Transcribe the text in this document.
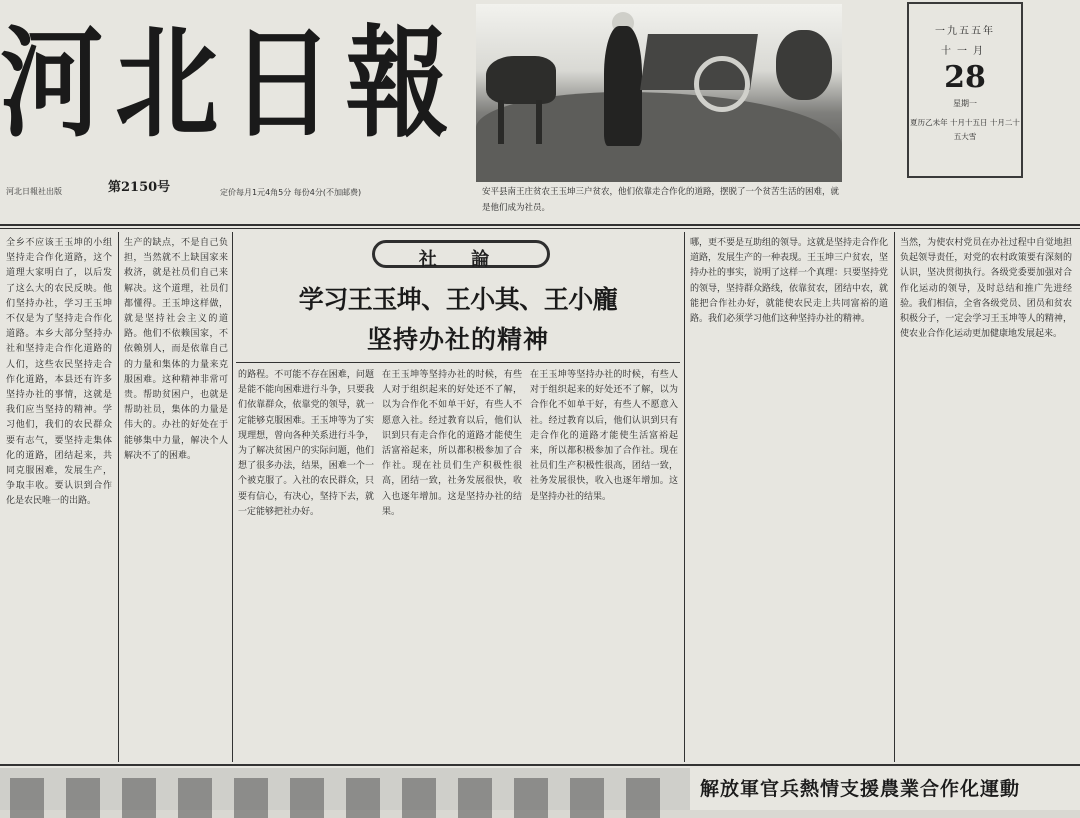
河北日報
第2150号
河北日報社出版	定价每月1元4角5分 每份4分(不加邮费)	安平县南王庄贫农王玉坤三户贫农，他们依靠走合作化的道路，摆脱了一个贫苦生活的困难，就是他们成为社员。
一九五五年
十一月
28
星期一
夏历乙未年 十月十五日 十月二十五大雪
全乡不应该王玉坤的小组坚持走合作化道路，这个道理大家明白了，以后发了这么大的农民反映。他们坚持办社，学习王玉坤不仅是为了坚持走合作化道路。本乡大部分坚持办社和坚持走合作化道路的人们，这些农民坚持走合作化道路，本县还有许多坚持办社的事情，这就是我们应当坚持的精神。学习他们，我们的农民群众要有志气，要坚持走集体化的道路，团结起来，共同克服困难，发展生产，争取丰收。要认识到合作化是农民唯一的出路。
生产的缺点，不是自己负担，当然就不上缺国家来救济，就是社员们自己来解决。这个道理，社员们都懂得。王玉坤这样做，就是坚持社会主义的道路。他们不依赖国家，不依赖别人，而是依靠自己的力量和集体的力量来克服困难。这种精神非常可贵。帮助贫困户，也就是帮助社员，集体的力量是伟大的。办社的好处在于能够集中力量，解决个人解决不了的困难。
社 論
学习王玉坤、王小其、王小龐
坚持办社的精神
的路程。不可能不存在困难，问题是能不能向困难进行斗争，只要我们依靠群众，依靠党的领导，就一定能够克服困难。王玉坤等为了实现理想，曾向各种关系进行斗争，为了解决贫困户的实际问题，他们想了很多办法，结果，困难一个一个被克服了。入社的农民群众，只要有信心，有决心，坚持下去，就一定能够把社办好。
在王玉坤等坚持办社的时候，有些人对于组织起来的好处还不了解，以为合作化不如单干好，有些人不愿意入社。经过教育以后，他们认识到只有走合作化的道路才能使生活富裕起来，所以都积极参加了合作社。现在社员们生产积极性很高，团结一致，社务发展很快，收入也逐年增加。这是坚持办社的结果。
在王玉坤等坚持办社的时候，有些人对于组织起来的好处还不了解，以为合作化不如单干好，有些人不愿意入社。经过教育以后，他们认识到只有走合作化的道路才能使生活富裕起来，所以都积极参加了合作社。现在社员们生产积极性很高，团结一致，社务发展很快，收入也逐年增加。这是坚持办社的结果。
哪，更不要是互助组的领导。这就是坚持走合作化道路，发展生产的一种表现。王玉坤三户贫农，坚持办社的事实，说明了这样一个真理：只要坚持党的领导，坚持群众路线，依靠贫农，团结中农，就能把合作社办好，就能使农民走上共同富裕的道路。我们必须学习他们这种坚持办社的精神。
当然，为使农村党员在办社过程中自觉地担负起领导责任，对党的农村政策要有深刻的认识，坚决贯彻执行。各级党委要加强对合作化运动的领导，及时总结和推广先进经验。我们相信，全省各级党员、团员和贫农积极分子，一定会学习王玉坤等人的精神，使农业合作化运动更加健康地发展起来。
解放軍官兵熱情支援農業合作化運動
